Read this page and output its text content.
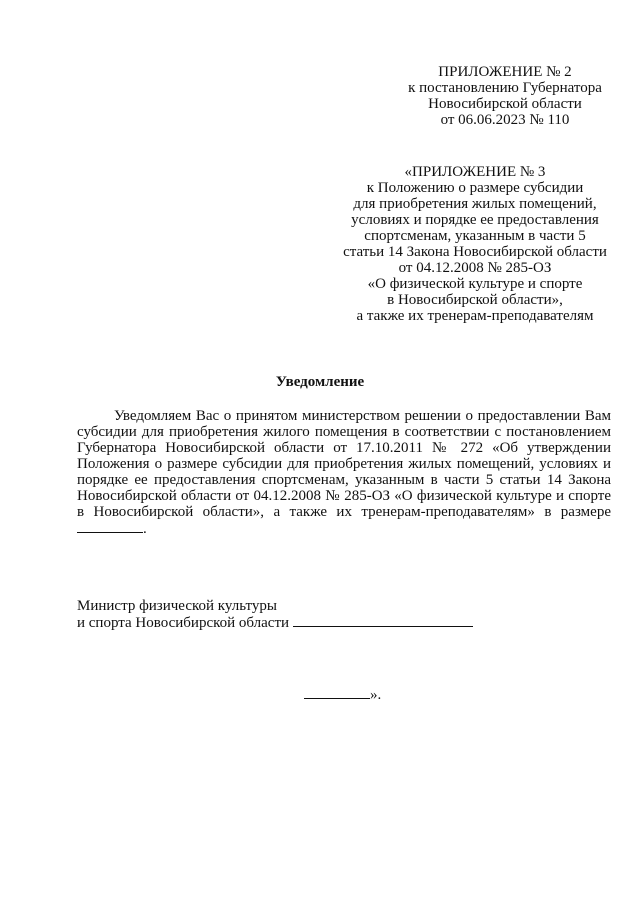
ПРИЛОЖЕНИЕ № 2
к постановлению Губернатора
Новосибирской области
от 06.06.2023 № 110
«ПРИЛОЖЕНИЕ № 3
к Положению о размере субсидии
для приобретения жилых помещений,
условиях и порядке ее предоставления
спортсменам, указанным в части 5
статьи 14 Закона Новосибирской области
от 04.12.2008 № 285-ОЗ
«О физической культуре и спорте
в Новосибирской области»,
а также их тренерам-преподавателям
Уведомление
Уведомляем Вас о принятом министерством решении о предоставлении Вам субсидии для приобретения жилого помещения в соответствии с постановлением Губернатора Новосибирской области от 17.10.2011 № 272 «Об утверждении Положения о размере субсидии для приобретения жилых помещений, условиях и порядке ее предоставления спортсменам, указанным в части 5 статьи 14 Закона Новосибирской области от 04.12.2008 № 285-ОЗ «О физической культуре и спорте в Новосибирской области», а также их тренерам-преподавателям» в размере .
Министр физической культуры
и спорта Новосибирской области
».
